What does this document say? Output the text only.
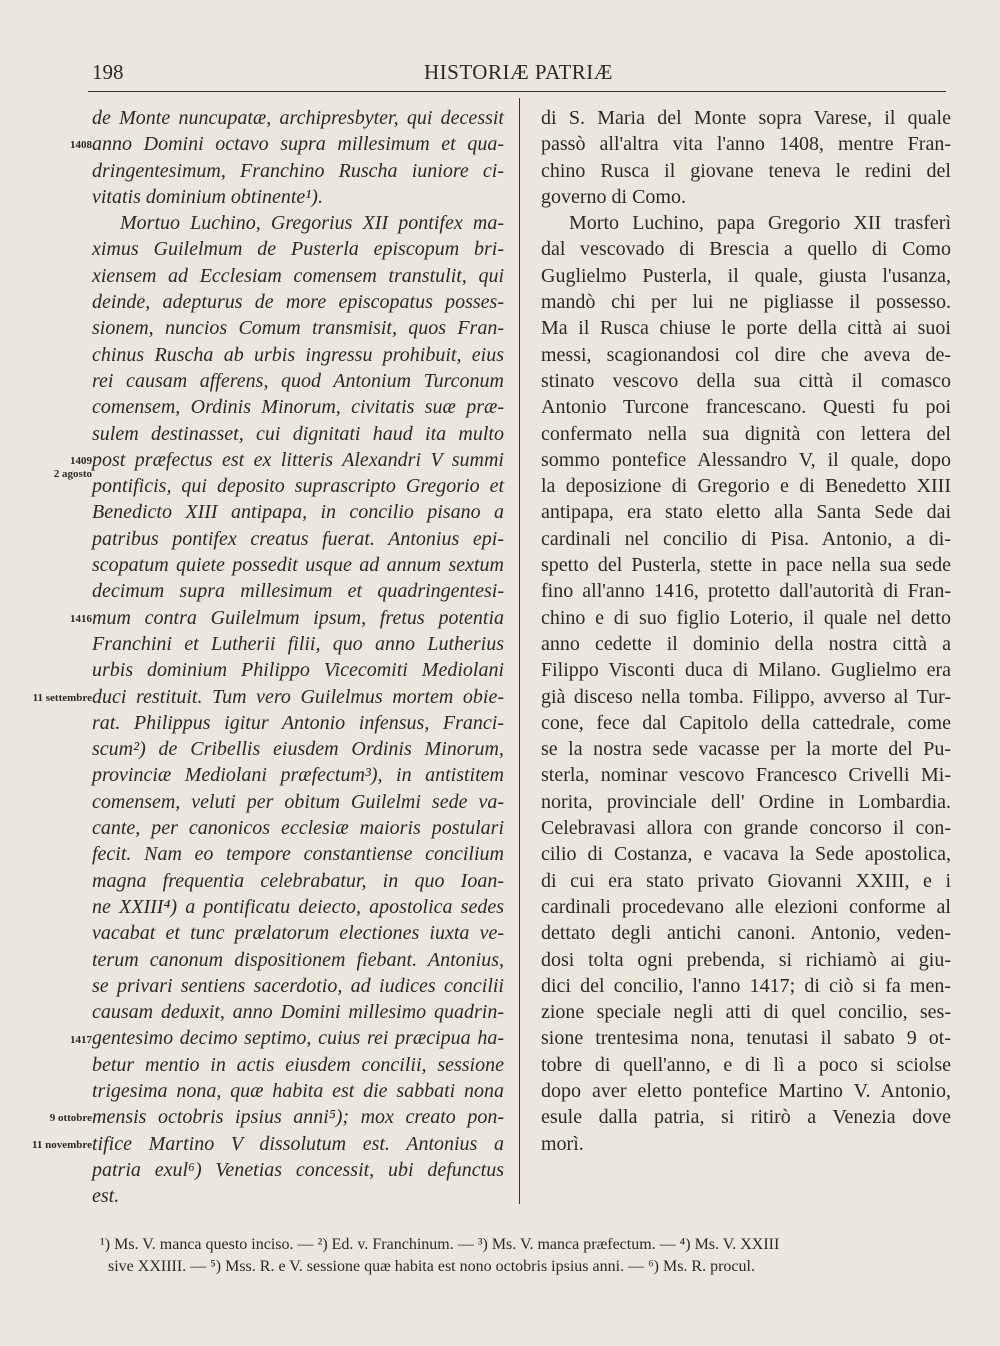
198	HISTORIÆ PATRIÆ
1408
1409
2 agosto
1416
11 settembre
1417
9 ottobre
11 novembre
de Monte nuncupatæ, archipresbyter, qui decessit
anno Domini octavo supra millesimum et qua-
dringentesimum, Franchino Ruscha iuniore ci-
vitatis dominium obtinente¹).
Mortuo Luchino, Gregorius XII pontifex ma-
ximus Guilelmum de Pusterla episcopum bri-
xiensem ad Ecclesiam comensem transtulit, qui
deinde, adepturus de more episcopatus posses-
sionem, nuncios Comum transmisit, quos Fran-
chinus Ruscha ab urbis ingressu prohibuit, eius
rei causam afferens, quod Antonium Turconum
comensem, Ordinis Minorum, civitatis suæ præ-
sulem destinasset, cui dignitati haud ita multo
post præfectus est ex litteris Alexandri V summi
pontificis, qui deposito suprascripto Gregorio et
Benedicto XIII antipapa, in concilio pisano a
patribus pontifex creatus fuerat. Antonius epi-
scopatum quiete possedit usque ad annum sextum
decimum supra millesimum et quadringentesi-
mum contra Guilelmum ipsum, fretus potentia
Franchini et Lutherii filii, quo anno Lutherius
urbis dominium Philippo Vicecomiti Mediolani
duci restituit. Tum vero Guilelmus mortem obie-
rat. Philippus igitur Antonio infensus, Franci-
scum²) de Cribellis eiusdem Ordinis Minorum,
provinciæ Mediolani præfectum³), in antistitem
comensem, veluti per obitum Guilelmi sede va-
cante, per canonicos ecclesiæ maioris postulari
fecit. Nam eo tempore constantiense concilium
magna frequentia celebrabatur, in quo Ioan-
ne XXIII⁴) a pontificatu deiecto, apostolica sedes
vacabat et tunc prælatorum electiones iuxta ve-
terum canonum dispositionem fiebant. Antonius,
se privari sentiens sacerdotio, ad iudices concilii
causam deduxit, anno Domini millesimo quadrin-
gentesimo decimo septimo, cuius rei præcipua ha-
betur mentio in actis eiusdem concilii, sessione
trigesima nona, quæ habita est die sabbati nona
mensis octobris ipsius anni⁵); mox creato pon-
tifice Martino V dissolutum est. Antonius a
patria exul⁶) Venetias concessit, ubi defunctus
est.
di S. Maria del Monte sopra Varese, il quale
passò all'altra vita l'anno 1408, mentre Fran-
chino Rusca il giovane teneva le redini del
governo di Como.
Morto Luchino, papa Gregorio XII trasferì
dal vescovado di Brescia a quello di Como
Guglielmo Pusterla, il quale, giusta l'usanza,
mandò chi per lui ne pigliasse il possesso.
Ma il Rusca chiuse le porte della città ai suoi
messi, scagionandosi col dire che aveva de-
stinato vescovo della sua città il comasco
Antonio Turcone francescano. Questi fu poi
confermato nella sua dignità con lettera del
sommo pontefice Alessandro V, il quale, dopo
la deposizione di Gregorio e di Benedetto XIII
antipapa, era stato eletto alla Santa Sede dai
cardinali nel concilio di Pisa. Antonio, a di-
spetto del Pusterla, stette in pace nella sua sede
fino all'anno 1416, protetto dall'autorità di Fran-
chino e di suo figlio Loterio, il quale nel detto
anno cedette il dominio della nostra città a
Filippo Visconti duca di Milano. Guglielmo era
già disceso nella tomba. Filippo, avverso al Tur-
cone, fece dal Capitolo della cattedrale, come
se la nostra sede vacasse per la morte del Pu-
sterla, nominar vescovo Francesco Crivelli Mi-
norita, provinciale dell' Ordine in Lombardia.
Celebravasi allora con grande concorso il con-
cilio di Costanza, e vacava la Sede apostolica,
di cui era stato privato Giovanni XXIII, e i
cardinali procedevano alle elezioni conforme al
dettato degli antichi canoni. Antonio, veden-
dosi tolta ogni prebenda, si richiamò ai giu-
dici del concilio, l'anno 1417; di ciò si fa men-
zione speciale negli atti di quel concilio, ses-
sione trentesima nona, tenutasi il sabato 9 ot-
tobre di quell'anno, e di lì a poco si sciolse
dopo aver eletto pontefice Martino V. Antonio,
esule dalla patria, si ritirò a Venezia dove
morì.
¹) Ms. V. manca questo inciso. — ²) Ed. v. Franchinum. — ³) Ms. V. manca præfectum. — ⁴) Ms. V. XXIII
sive XXIIII. — ⁵) Mss. R. e V. sessione quæ habita est nono octobris ipsius anni. — ⁶) Ms. R. procul.
